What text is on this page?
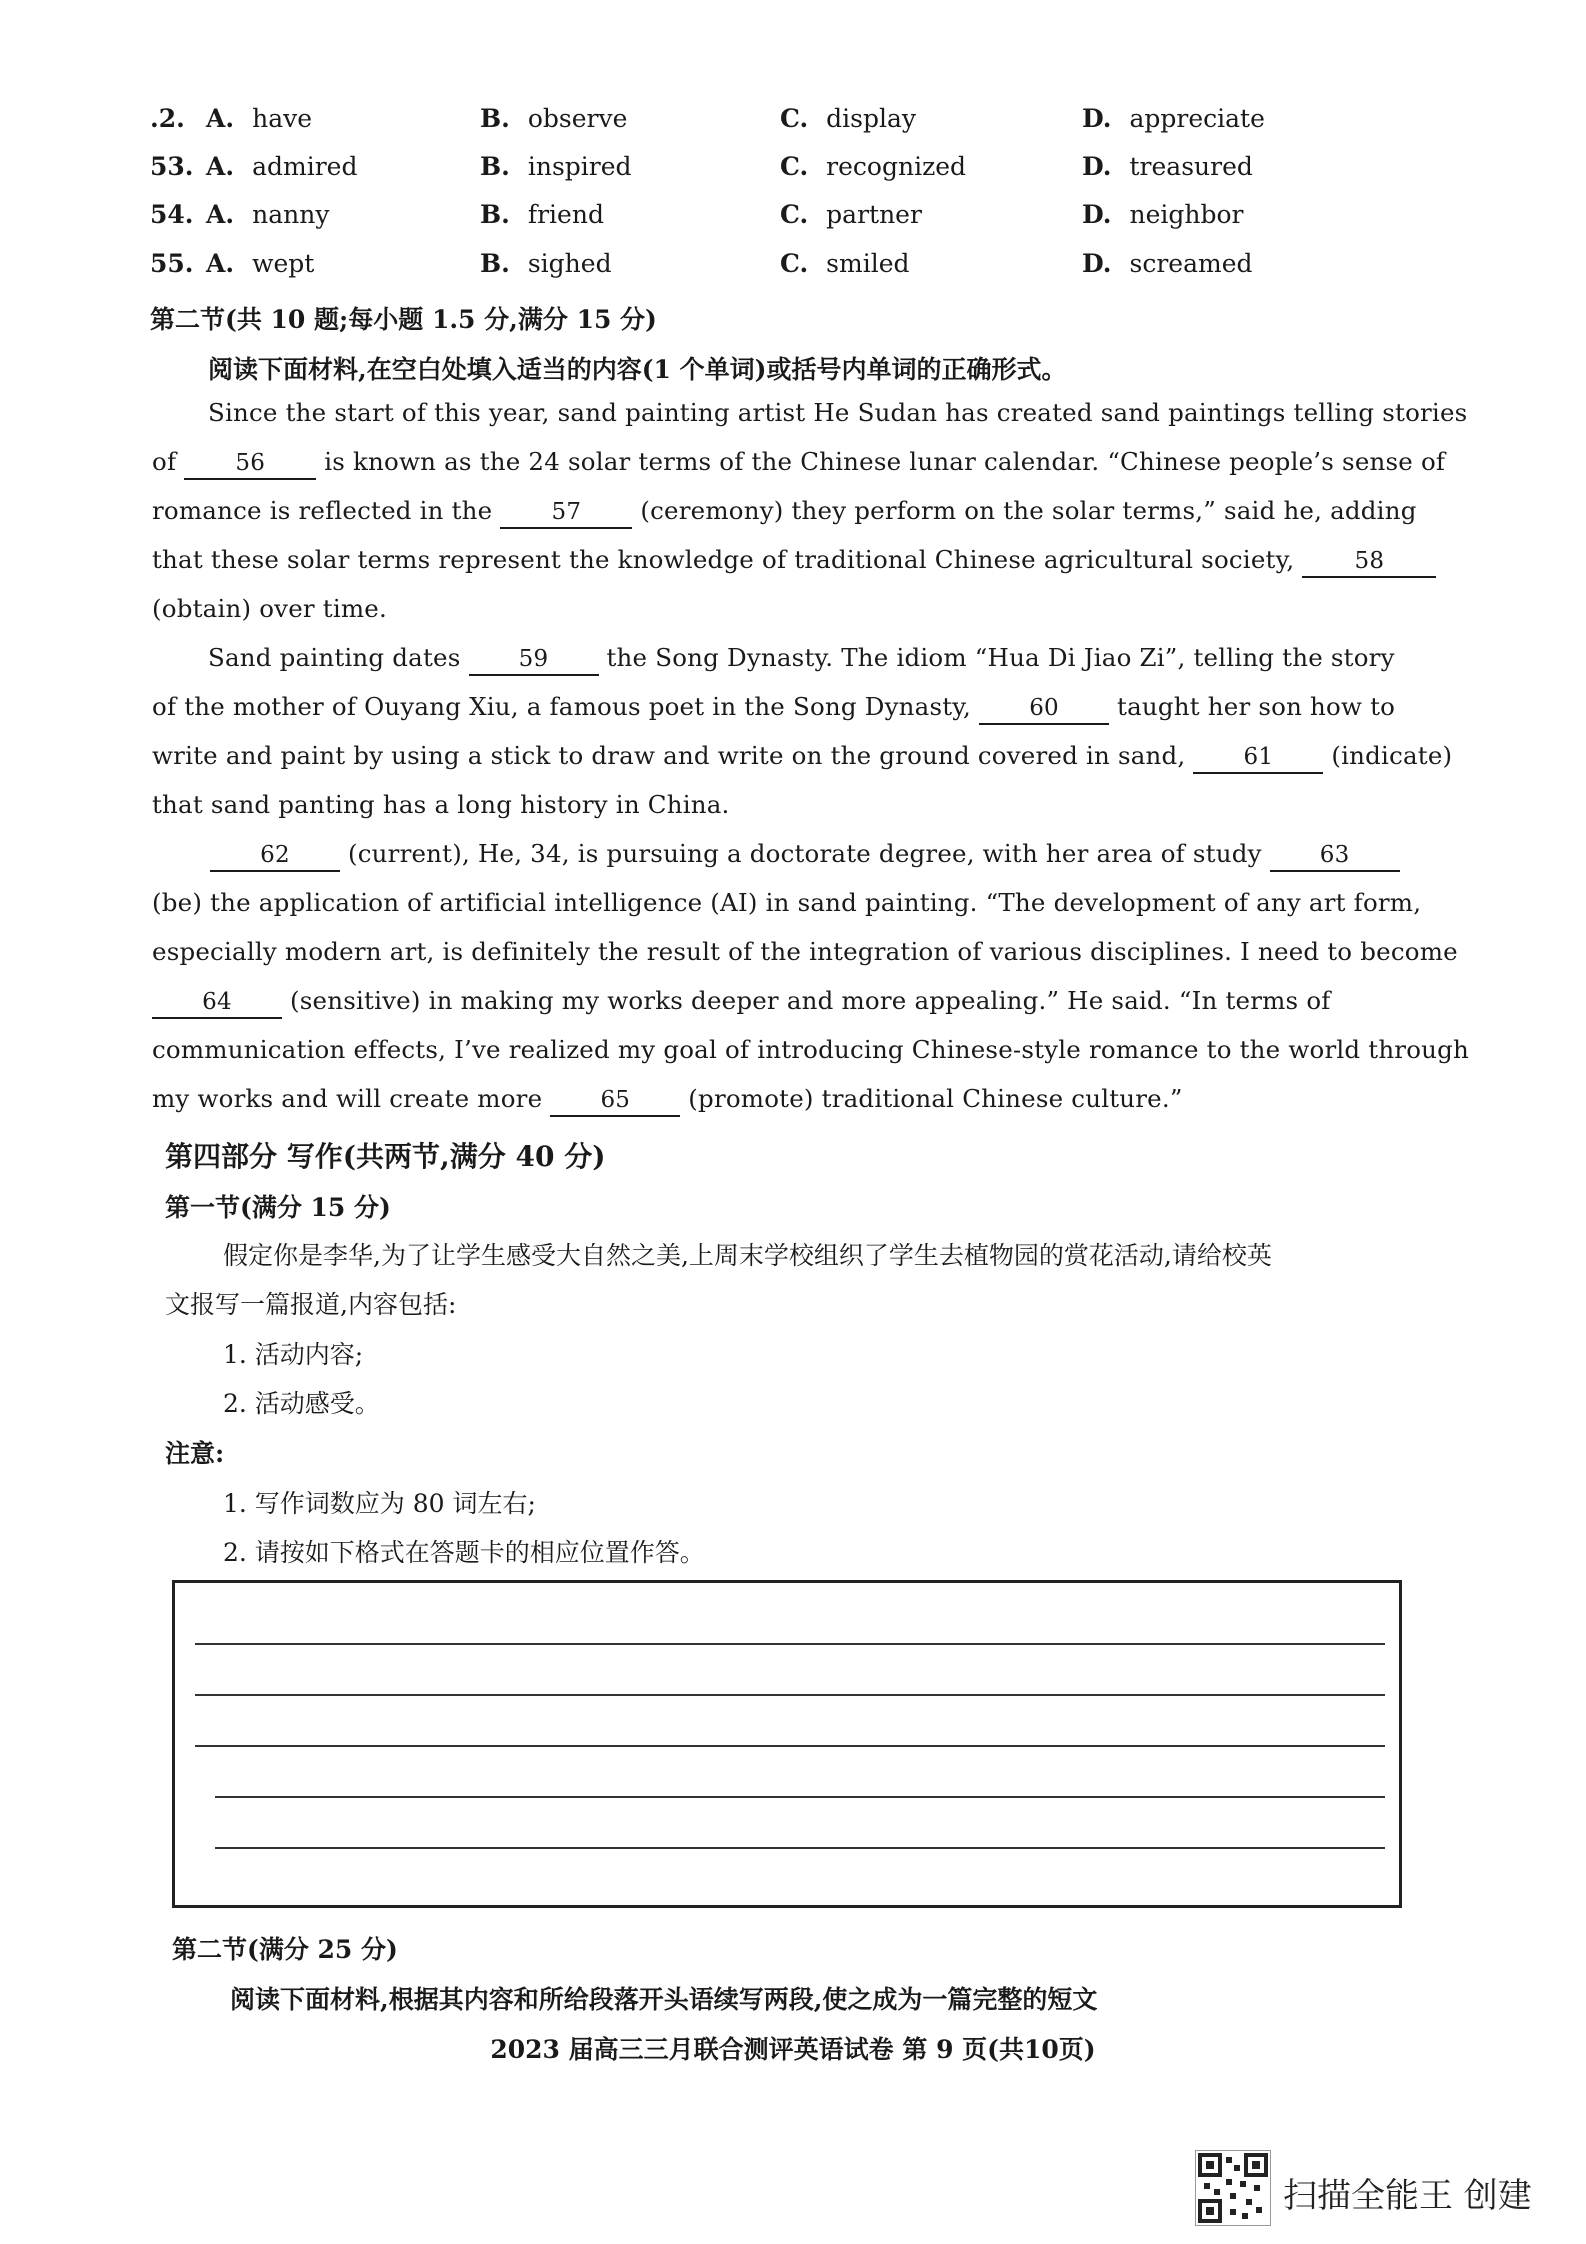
.2. A. have	B. observe	C. display	D. appreciate
53. A. admired	B. inspired	C. recognized	D. treasured
54. A. nanny	B. friend	C. partner	D. neighbor
55. A. wept	B. sighed	C. smiled	D. screamed
第二节(共 10 题;每小题 1.5 分,满分 15 分)
阅读下面材料,在空白处填入适当的内容(1 个单词)或括号内单词的正确形式。
Since the start of this year, sand painting artist He Sudan has created sand paintings telling stories
of	56 is known as the 24 solar terms of the Chinese lunar calendar. “Chinese people’s sense of
romance is reflected in the	57 (ceremony) they perform on the solar terms,” said he, adding
that these solar terms represent the knowledge of traditional Chinese agricultural society,	58
(obtain) over time.
Sand painting dates	59 the Song Dynasty. The idiom “Hua Di Jiao Zi”, telling the story
of the mother of Ouyang Xiu, a famous poet in the Song Dynasty,	60 taught her son how to
write and paint by using a stick to draw and write on the ground covered in sand,	61 (indicate)
that sand panting has a long history in China.
62 (current), He, 34, is pursuing a doctorate degree, with her area of study	63
(be) the application of artificial intelligence (AI) in sand painting. “The development of any art form,
especially modern art, is definitely the result of the integration of various disciplines. I need to become
64 (sensitive) in making my works deeper and more appealing.” He said. “In terms of
communication effects, I’ve realized my goal of introducing Chinese-style romance to the world through
my works and will create more	65 (promote) traditional Chinese culture.”
第四部分 写作(共两节,满分 40 分)
第一节(满分 15 分)
假定你是李华,为了让学生感受大自然之美,上周末学校组织了学生去植物园的赏花活动,请给校英
文报写一篇报道,内容包括:
1. 活动内容;
2. 活动感受。
注意:
1. 写作词数应为 80 词左右;
2. 请按如下格式在答题卡的相应位置作答。
第二节(满分 25 分)
阅读下面材料,根据其内容和所给段落开头语续写两段,使之成为一篇完整的短文
2023 届高三三月联合测评英语试卷 第 9 页(共10页)
扫描全能王 创建
